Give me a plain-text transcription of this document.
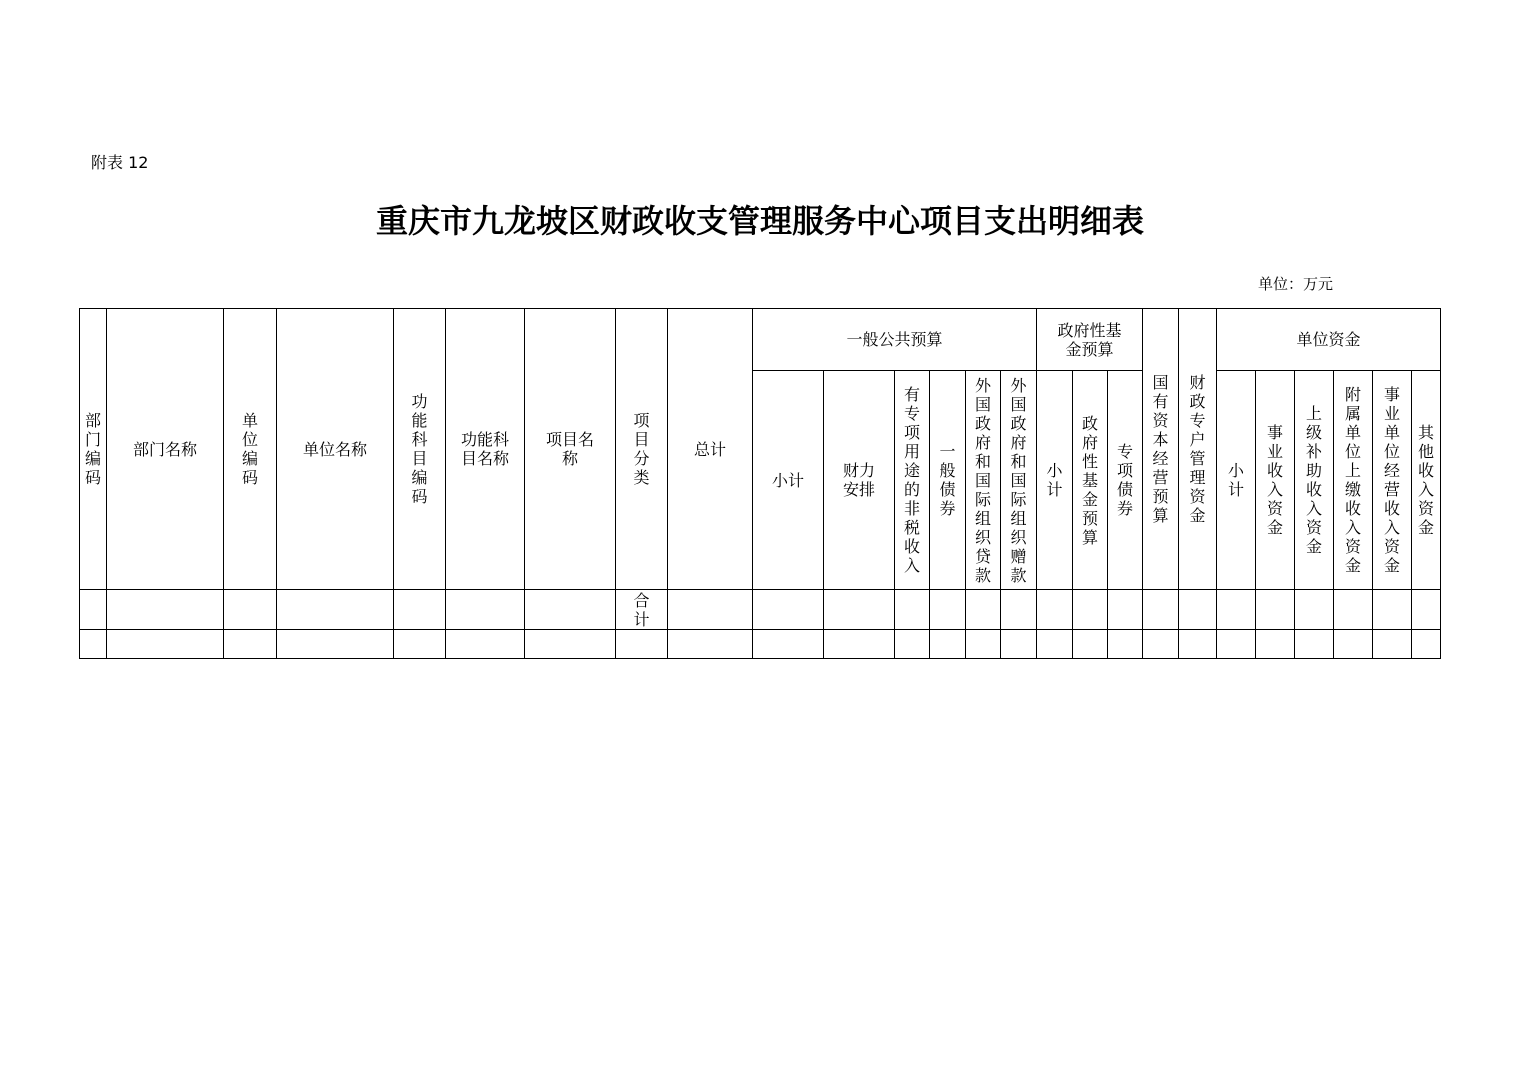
附表 12
重庆市九龙坡区财政收支管理服务中心项目支出明细表
单位：万元
部门编码	部门名称	单位编码	单位名称	功能科目编码	功能科目名称	项目名称	项目分类	总计	一般公共预算						政府性基金预算			国有资本经营预算	财政专户管理资金	单位资金					
									小计	财力安排	有专项用途的非税收入	一般债券	外国政府和国际组织贷款	外国政府和国际组织赠款	小计	政府性基金预算	专项债券			小计	事业收入资金	上级补助收入资金	附属单位上缴收入资金	事业单位经营收入资金	其他收入资金

							合计																		
